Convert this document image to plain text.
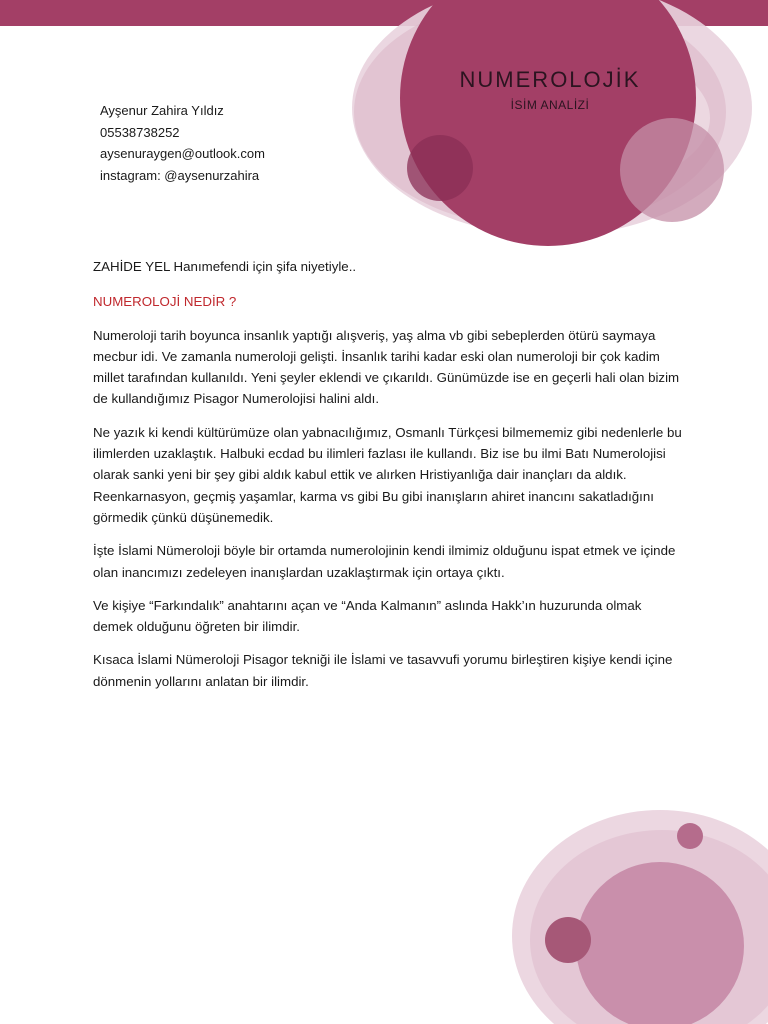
NUMEROLOJİK
İSİM ANALİZİ
Ayşenur Zahira Yıldız
05538738252
aysenuraygen@outlook.com
instagram: @aysenurzahira

ZAHİDE YEL Hanımefendi için şifa niyetiyle..

NUMEROLOJİ NEDİR ?

Numeroloji tarih boyunca insanlık yaptığı alışveriş, yaş alma vb gibi sebeplerden ötürü saymaya mecbur idi. Ve zamanla numeroloji gelişti. İnsanlık tarihi kadar eski olan numeroloji bir çok kadim millet tarafından kullanıldı. Yeni şeyler eklendi ve çıkarıldı. Günümüzde ise en geçerli hali olan bizim de kullandığımız Pisagor Numerolojisi halini aldı.

Ne yazık ki kendi kültürümüze olan yabnacılığımız, Osmanlı Türkçesi bilmememiz gibi nedenlerle bu ilimlerden uzaklaştık. Halbuki ecdad bu ilimleri fazlası ile kullandı. Biz ise bu ilmi Batı Numerolojisi olarak sanki yeni bir şey gibi aldık kabul ettik ve alırken Hristiyanlığa dair inançları da aldık. Reenkarnasyon, geçmiş yaşamlar, karma vs gibi Bu gibi inanışların ahiret inancını sakatladığını görmedik çünkü düşünemedik.

İşte İslami Nümeroloji böyle bir ortamda numerolojinin kendi ilmimiz olduğunu ispat etmek ve içinde olan inancımızı zedeleyen inanışlardan uzaklaştırmak için ortaya çıktı.

Ve kişiye “Farkındalık” anahtarını açan ve “Anda Kalmanın” aslında Hakk’ın huzurunda olmak demek olduğunu öğreten bir ilimdir.

Kısaca İslami Nümeroloji Pisagor tekniği ile İslami ve tasavvufi yorumu birleştiren kişiye kendi içine dönmenin yollarını anlatan bir ilimdir.
